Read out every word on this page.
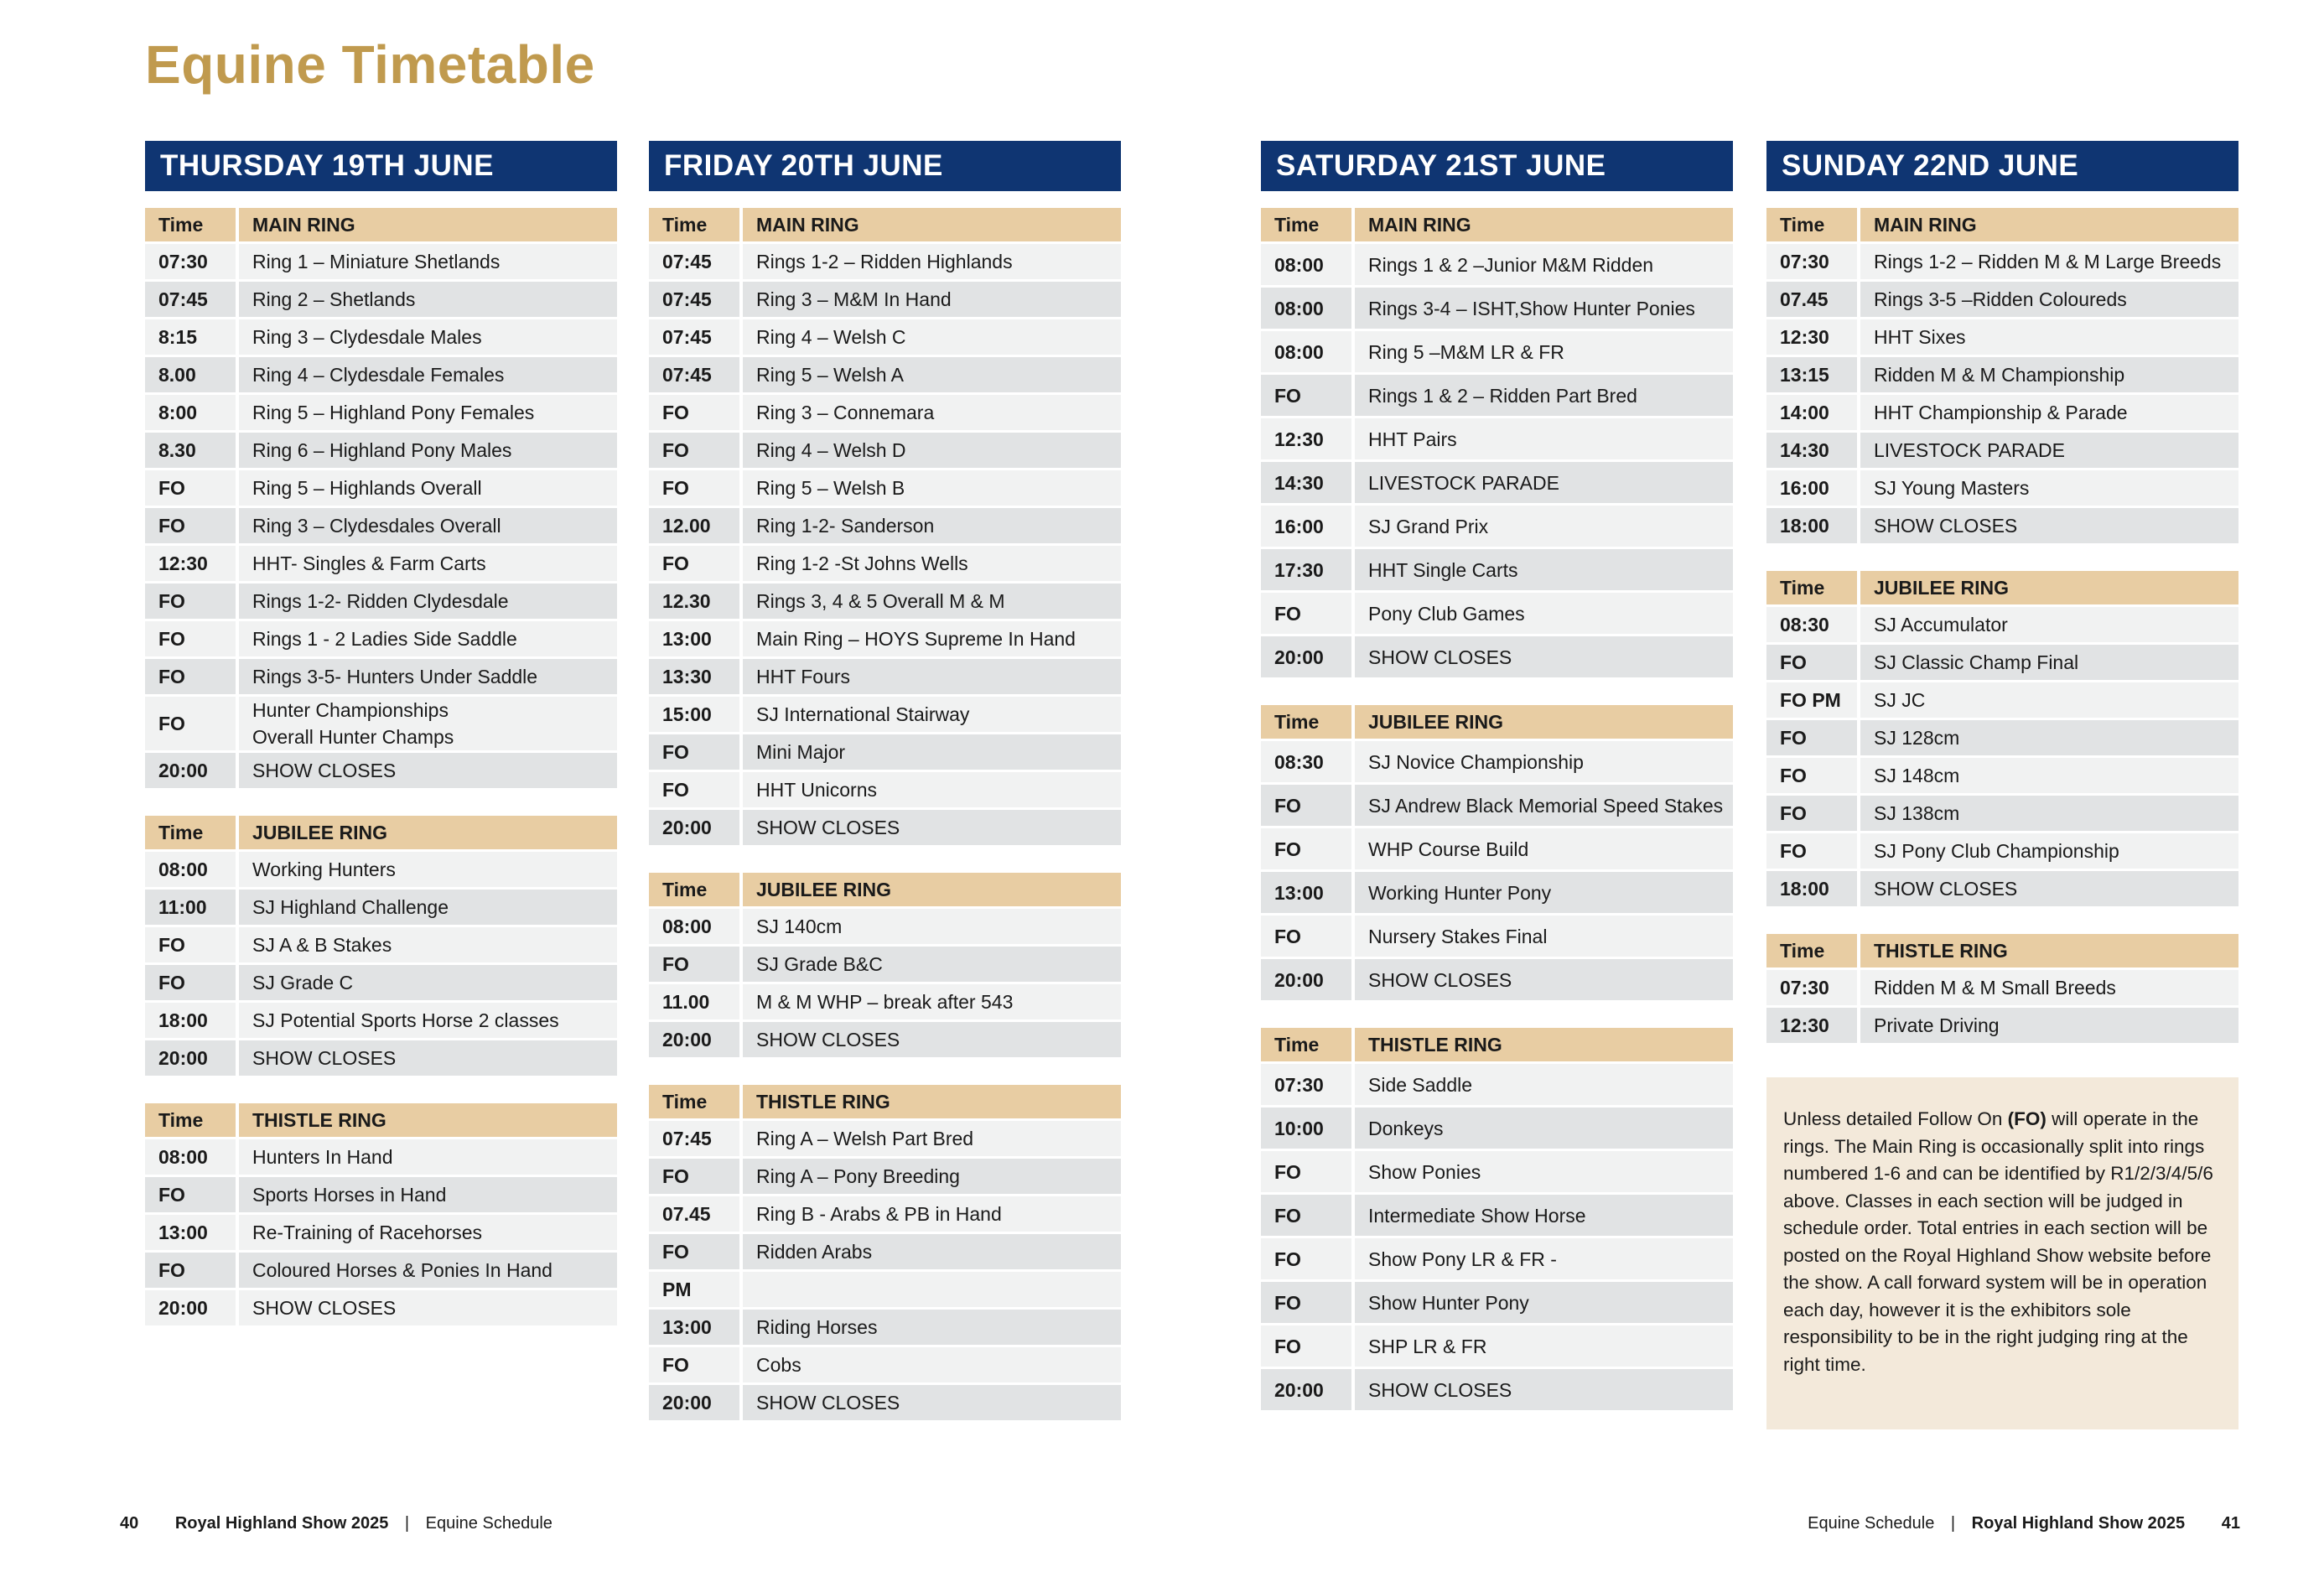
Equine Timetable
THURSDAY 19TH JUNE
Time	MAIN RING
07:30	Ring 1 – Miniature Shetlands
07:45	Ring 2 – Shetlands
8:15	Ring 3 – Clydesdale Males
8.00	Ring 4 – Clydesdale Females
8:00	Ring 5 – Highland Pony Females
8.30	Ring 6 – Highland Pony Males
FO	Ring 5 – Highlands Overall
FO	Ring 3 – Clydesdales Overall
12:30	HHT- Singles & Farm Carts
FO	Rings 1-2- Ridden Clydesdale
FO	Rings 1 - 2 Ladies Side Saddle
FO	Rings 3-5- Hunters Under Saddle
FO	Hunter Championships
Overall Hunter Champs
20:00	SHOW CLOSES
Time	JUBILEE RING
08:00	Working Hunters
11:00	SJ Highland Challenge
FO	SJ A & B Stakes
FO	SJ Grade C
18:00	SJ Potential Sports Horse 2 classes
20:00	SHOW CLOSES
Time	THISTLE RING
08:00	Hunters In Hand
FO	Sports Horses in Hand
13:00	Re-Training of Racehorses
FO	Coloured Horses & Ponies In Hand
20:00	SHOW CLOSES
FRIDAY 20TH JUNE
Time	MAIN RING
07:45	Rings 1-2 – Ridden Highlands
07:45	Ring 3 – M&M In Hand
07:45	Ring 4 – Welsh C
07:45	Ring 5 – Welsh A
FO	Ring 3 – Connemara
FO	Ring 4 – Welsh D
FO	Ring 5 – Welsh B
12.00	Ring 1-2- Sanderson
FO	Ring 1-2 -St Johns Wells
12.30	Rings 3, 4 & 5 Overall M & M
13:00	Main Ring – HOYS Supreme In Hand
13:30	HHT Fours
15:00	SJ International Stairway
FO	Mini Major
FO	HHT Unicorns
20:00	SHOW CLOSES
Time	JUBILEE RING
08:00	SJ 140cm
FO	SJ Grade B&C
11.00	M & M WHP – break after 543
20:00	SHOW CLOSES
Time	THISTLE RING
07:45	Ring A – Welsh Part Bred
FO	Ring A – Pony Breeding
07.45	Ring B - Arabs & PB in Hand
FO	Ridden Arabs
PM	
13:00	Riding Horses
FO	Cobs
20:00	SHOW CLOSES
SATURDAY 21ST JUNE
Time	MAIN RING
08:00	Rings 1 & 2 –Junior M&M Ridden
08:00	Rings 3-4 – ISHT,Show Hunter Ponies
08:00	Ring 5 –M&M LR & FR
FO	Rings 1 & 2 – Ridden Part Bred
12:30	HHT Pairs
14:30	LIVESTOCK PARADE
16:00	SJ Grand Prix
17:30	HHT Single Carts
FO	Pony Club Games
20:00	SHOW CLOSES
Time	JUBILEE RING
08:30	SJ Novice Championship
FO	SJ Andrew Black Memorial Speed Stakes
FO	WHP Course Build
13:00	Working Hunter Pony
FO	Nursery Stakes Final
20:00	SHOW CLOSES
Time	THISTLE RING
07:30	Side Saddle
10:00	Donkeys
FO	Show Ponies
FO	Intermediate Show Horse
FO	Show Pony LR & FR -
FO	Show Hunter Pony
FO	SHP LR & FR
20:00	SHOW CLOSES
SUNDAY 22ND JUNE
Time	MAIN RING
07:30	Rings 1-2 – Ridden M & M Large Breeds
07.45	Rings 3-5 –Ridden Coloureds
12:30	HHT Sixes
13:15	Ridden M & M Championship
14:00	HHT Championship & Parade
14:30	LIVESTOCK PARADE
16:00	SJ Young Masters
18:00	SHOW CLOSES
Time	JUBILEE RING
08:30	SJ Accumulator
FO	SJ Classic Champ Final
FO PM	SJ JC
FO	SJ 128cm
FO	SJ 148cm
FO	SJ 138cm
FO	SJ Pony Club Championship
18:00	SHOW CLOSES
Time	THISTLE RING
07:30	Ridden M & M Small Breeds
12:30	Private Driving
Unless detailed Follow On (FO) will operate in the rings. The Main Ring is occasionally split into rings numbered 1-6 and can be identified by R1/2/3/4/5/6 above. Classes in each section will be judged in schedule order. Total entries in each section will be posted on the Royal Highland Show website before the show. A call forward system will be in operation each day, however it is the exhibitors sole responsibility to be in the right judging ring at the right time.
40 Royal Highland Show 2025 | Equine Schedule	Equine Schedule | Royal Highland Show 2025 41
